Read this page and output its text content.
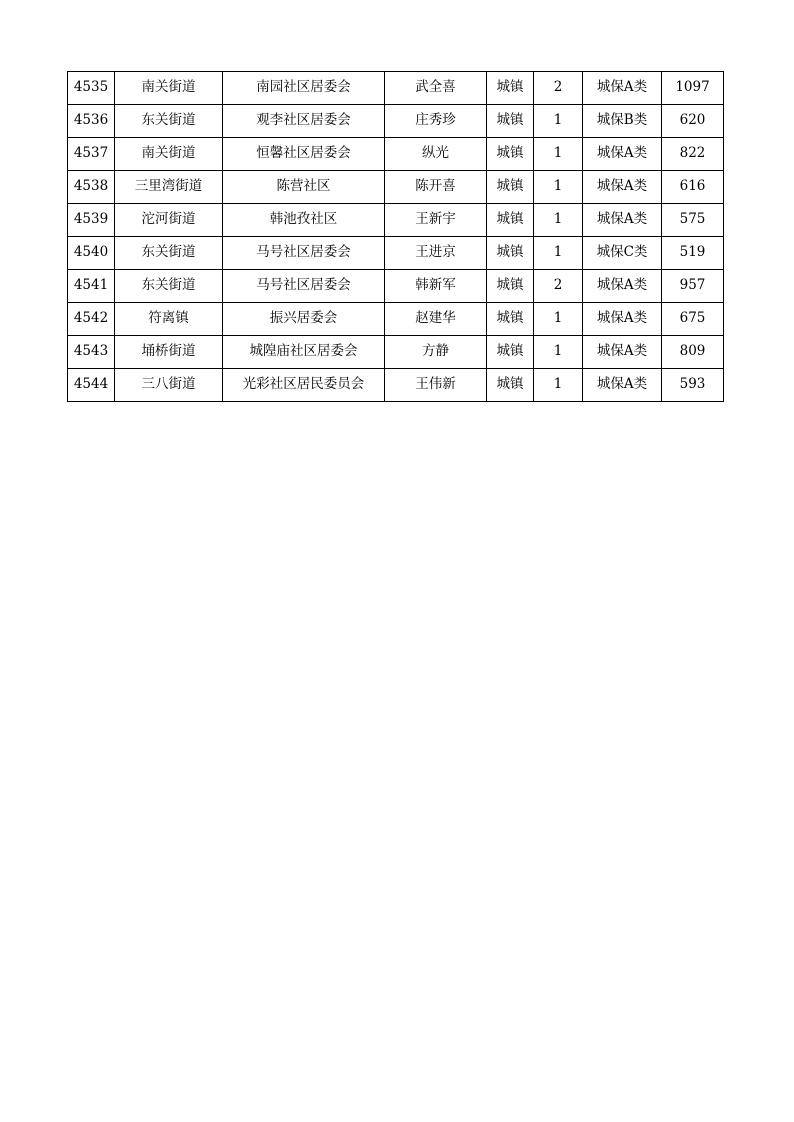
4535	南关街道	南园社区居委会	武全喜	城镇	2	城保A类	1097
4536	东关街道	观李社区居委会	庄秀珍	城镇	1	城保B类	620
4537	南关街道	恒馨社区居委会	纵光	城镇	1	城保A类	822
4538	三里湾街道	陈营社区	陈开喜	城镇	1	城保A类	616
4539	沱河街道	韩池孜社区	王新宇	城镇	1	城保A类	575
4540	东关街道	马号社区居委会	王进京	城镇	1	城保C类	519
4541	东关街道	马号社区居委会	韩新军	城镇	2	城保A类	957
4542	符离镇	振兴居委会	赵建华	城镇	1	城保A类	675
4543	埇桥街道	城隍庙社区居委会	方静	城镇	1	城保A类	809
4544	三八街道	光彩社区居民委员会	王伟新	城镇	1	城保A类	593
